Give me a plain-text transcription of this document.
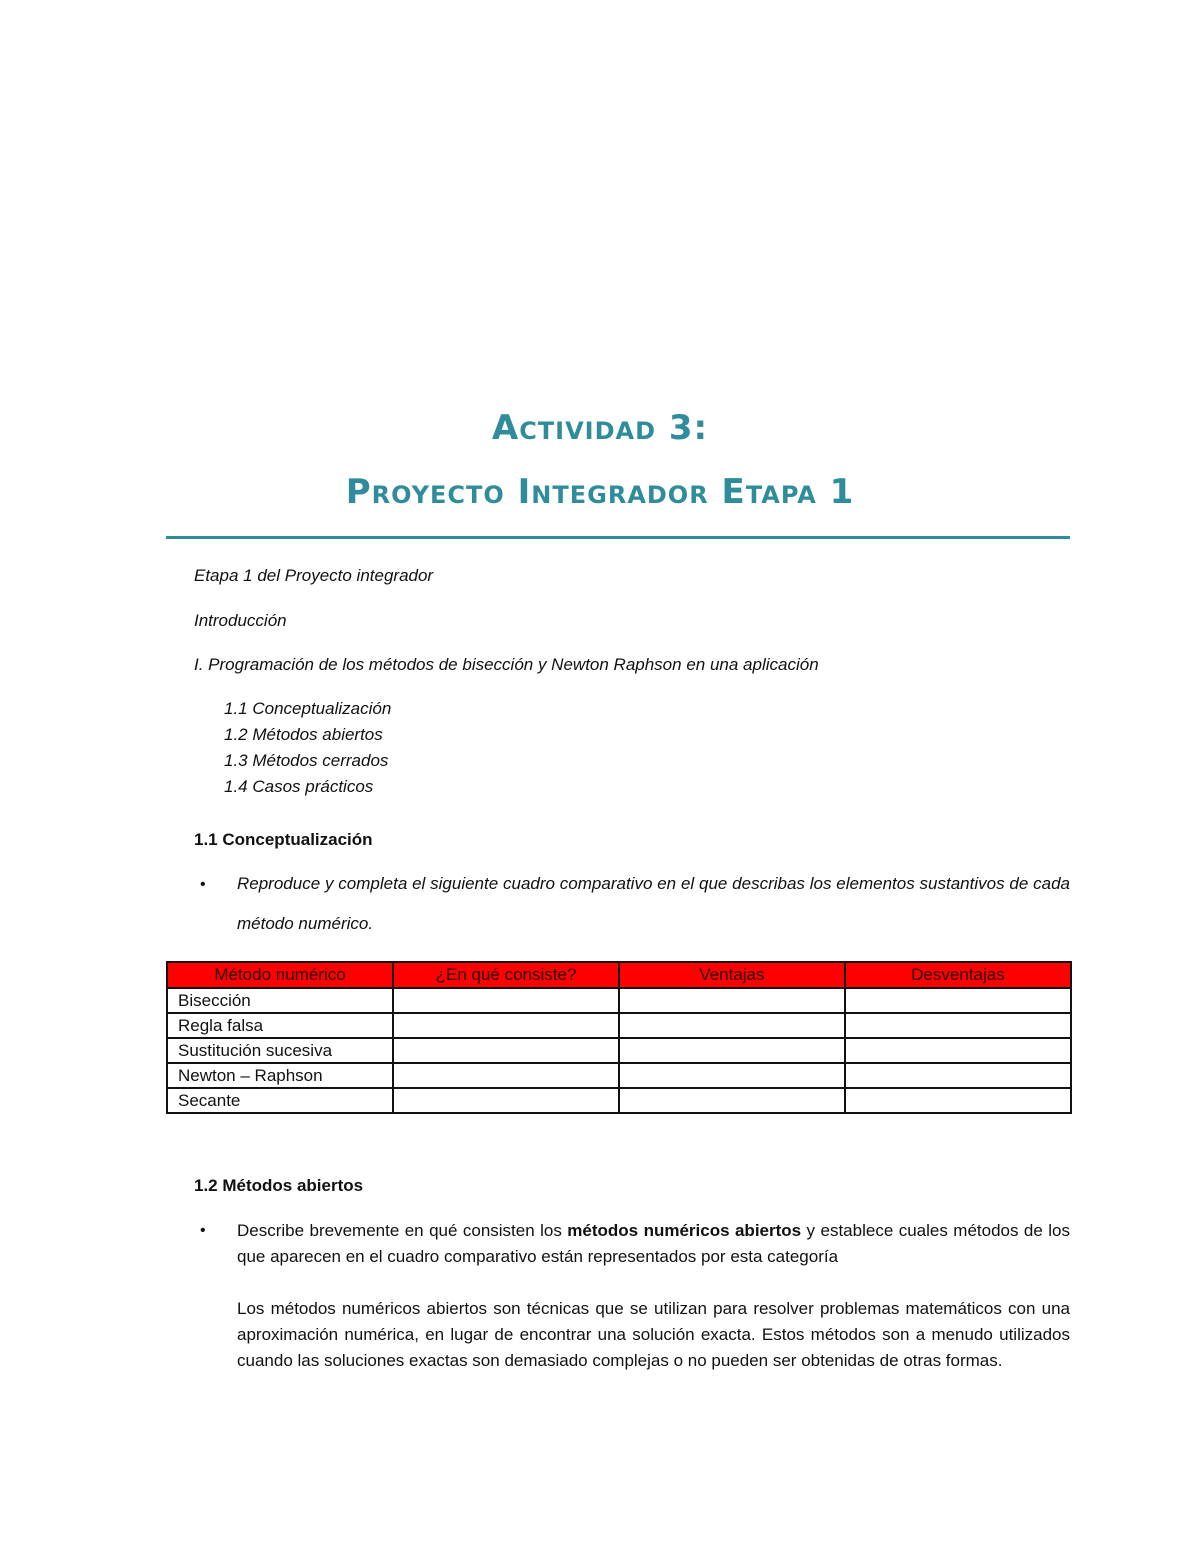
Actividad 3:
Proyecto Integrador Etapa 1
Etapa 1 del Proyecto integrador
Introducción
I. Programación de los métodos de bisección y Newton Raphson en una aplicación
1.1 Conceptualización
1.2 Métodos abiertos
1.3 Métodos cerrados
1.4 Casos prácticos
1.1 Conceptualización
• Reproduce y completa el siguiente cuadro comparativo en el que describas los elementos sustantivos de cada método numérico.
Método numérico	¿En qué consiste?	Ventajas	Desventajas
Bisección			
Regla falsa			
Sustitución sucesiva			
Newton – Raphson			
Secante			
1.2 Métodos abiertos
• Describe brevemente en qué consisten los métodos numéricos abiertos y establece cuales métodos de los que aparecen en el cuadro comparativo están representados por esta categoría
Los métodos numéricos abiertos son técnicas que se utilizan para resolver problemas matemáticos con una aproximación numérica, en lugar de encontrar una solución exacta. Estos métodos son a menudo utilizados cuando las soluciones exactas son demasiado complejas o no pueden ser obtenidas de otras formas.
